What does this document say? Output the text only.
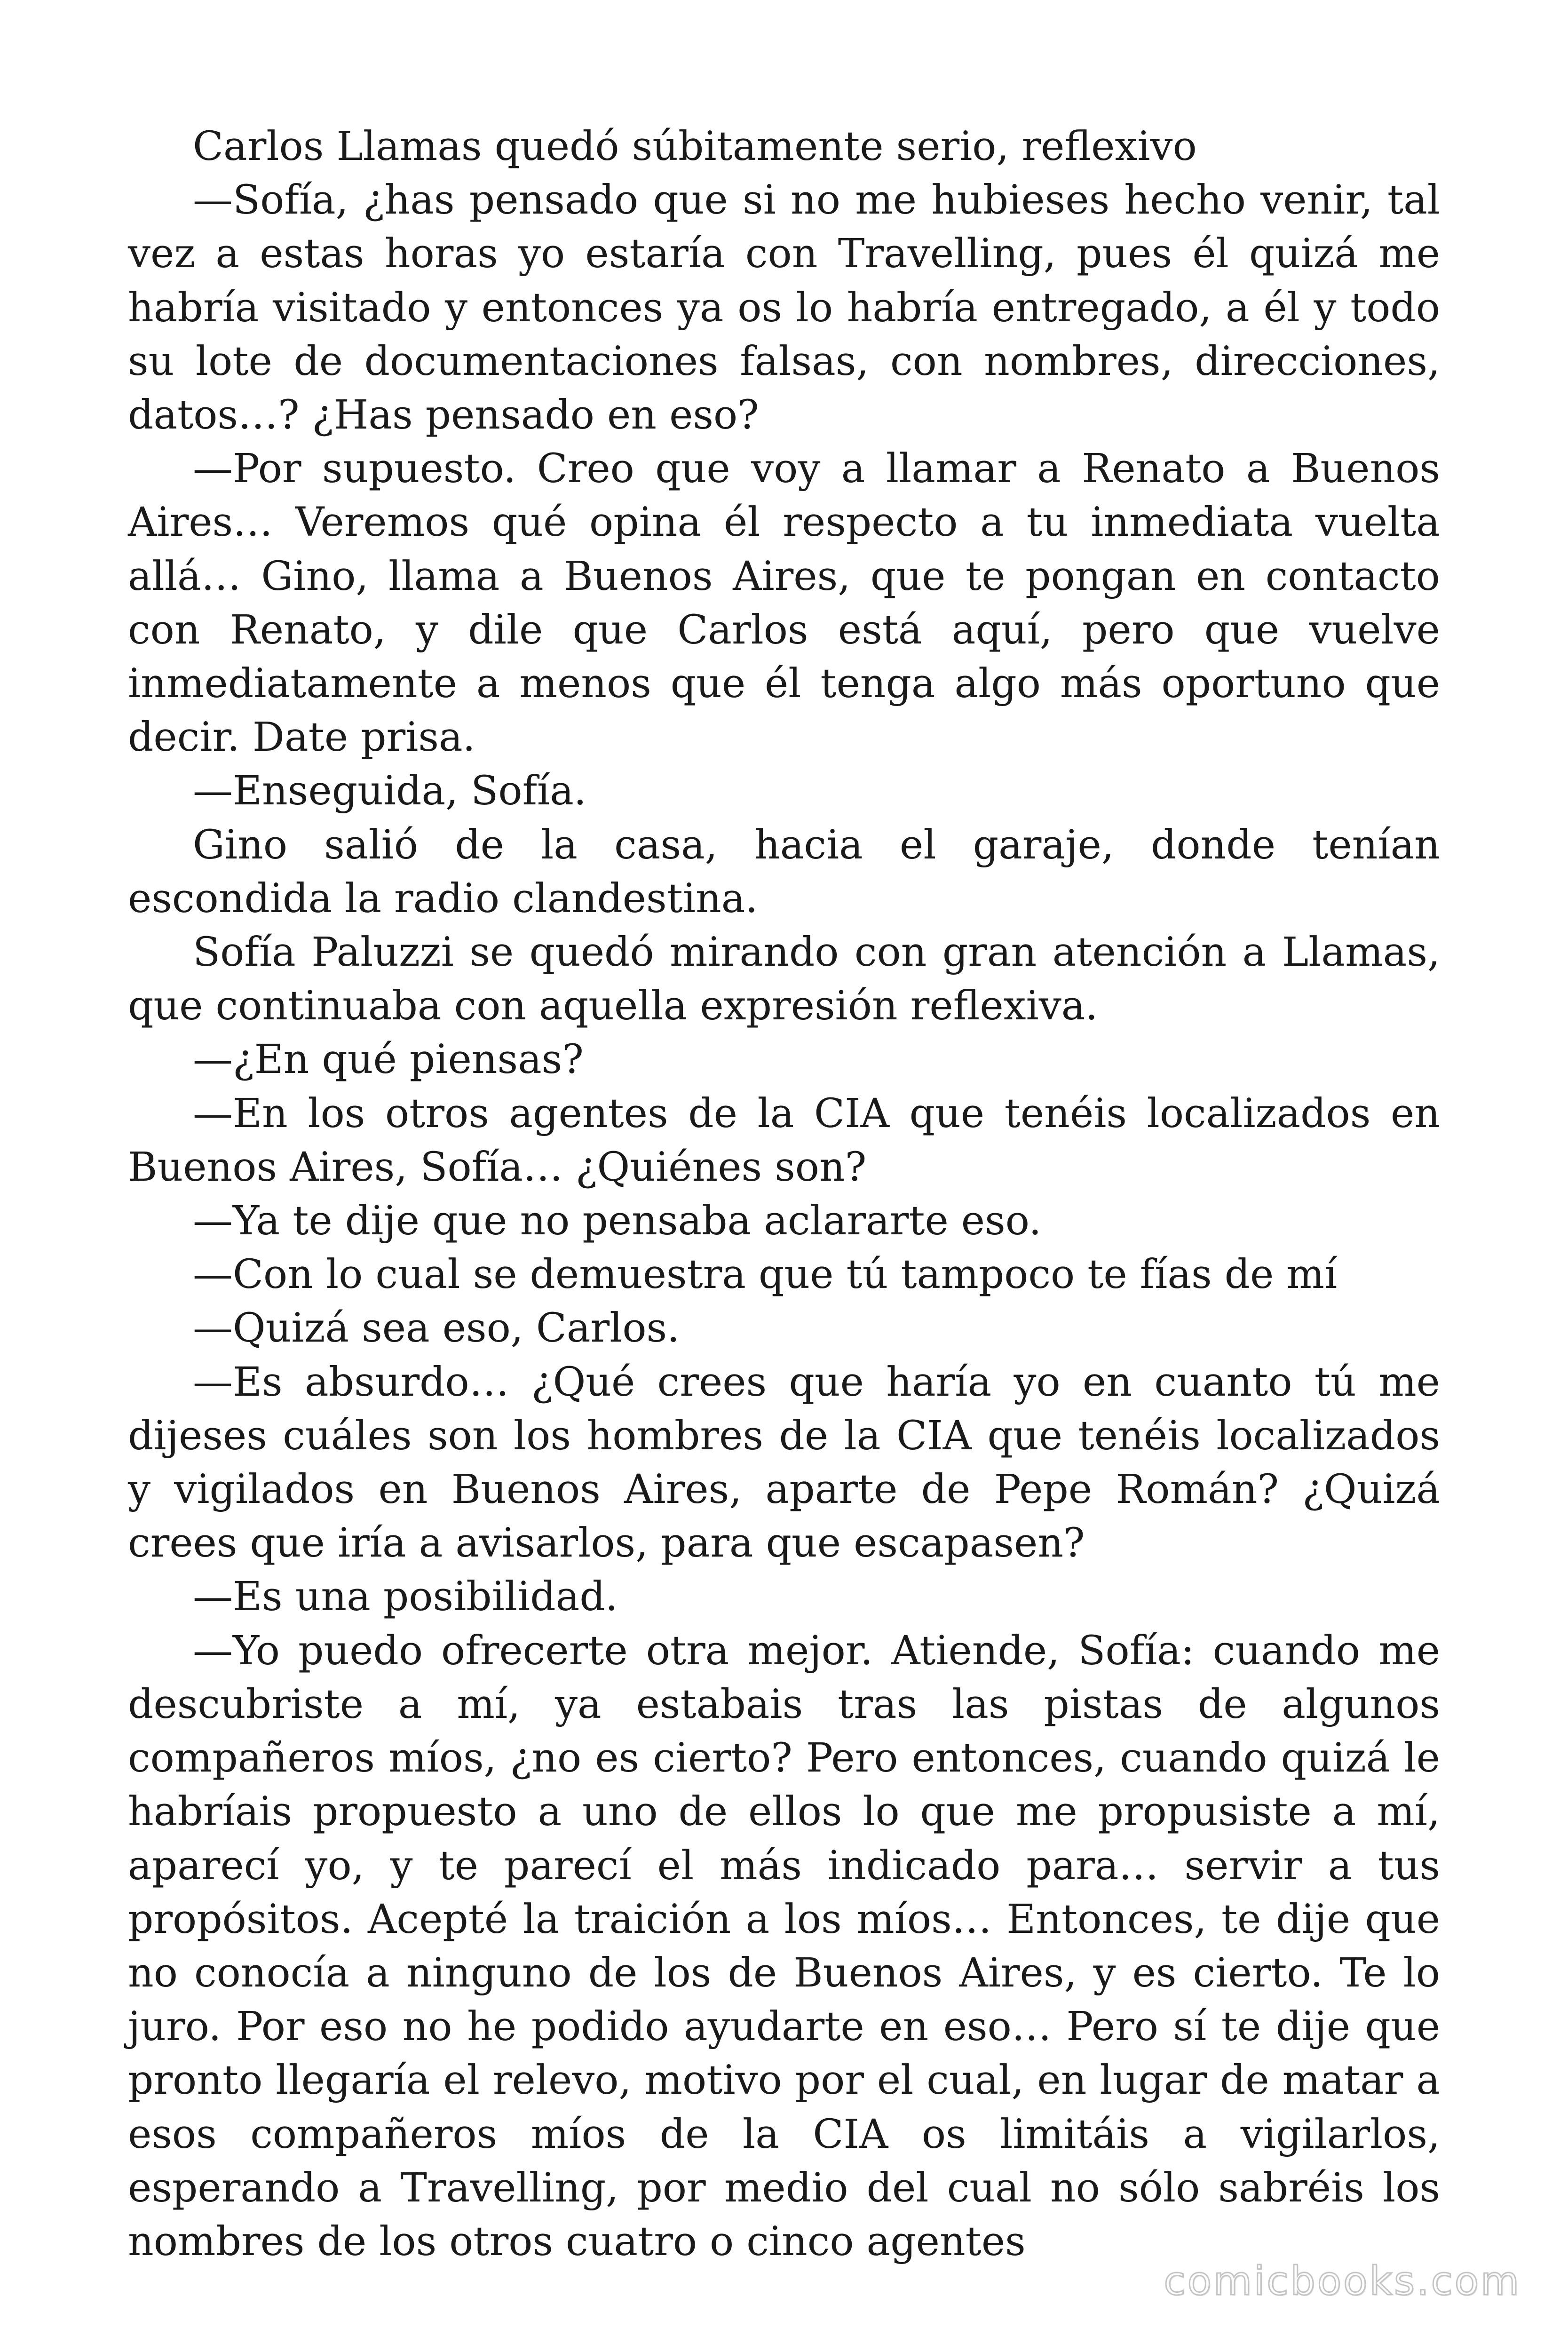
Carlos Llamas quedó súbitamente serio, reflexivo

—Sofía, ¿has pensado que si no me hubieses hecho venir, tal vez a estas horas yo estaría con Travelling, pues él quizá me habría visitado y entonces ya os lo habría entregado, a él y todo su lote de documentaciones falsas, con nombres, direcciones, datos…? ¿Has pensado en eso?

—Por supuesto. Creo que voy a llamar a Renato a Buenos Aires… Veremos qué opina él respecto a tu inmediata vuelta allá… Gino, llama a Buenos Aires, que te pongan en contacto con Renato, y dile que Carlos está aquí, pero que vuelve inmediatamente a menos que él tenga algo más oportuno que decir. Date prisa.

—Enseguida, Sofía.

Gino salió de la casa, hacia el garaje, donde tenían escondida la radio clandestina.

Sofía Paluzzi se quedó mirando con gran atención a Llamas, que continuaba con aquella expresión reflexiva.

—¿En qué piensas?

—En los otros agentes de la CIA que tenéis localizados en Buenos Aires, Sofía… ¿Quiénes son?

—Ya te dije que no pensaba aclararte eso.

—Con lo cual se demuestra que tú tampoco te fías de mí

—Quizá sea eso, Carlos.

—Es absurdo… ¿Qué crees que haría yo en cuanto tú me dijeses cuáles son los hombres de la CIA que tenéis localizados y vigilados en Buenos Aires, aparte de Pepe Román? ¿Quizá crees que iría a avisarlos, para que escapasen?

—Es una posibilidad.

—Yo puedo ofrecerte otra mejor. Atiende, Sofía: cuando me descubriste a mí, ya estabais tras las pistas de algunos compañeros míos, ¿no es cierto? Pero entonces, cuando quizá le habríais propuesto a uno de ellos lo que me propusiste a mí, aparecí yo, y te parecí el más indicado para… servir a tus propósitos. Acepté la traición a los míos… Entonces, te dije que no conocía a ninguno de los de Buenos Aires, y es cierto. Te lo juro. Por eso no he podido ayudarte en eso… Pero sí te dije que pronto llegaría el relevo, motivo por el cual, en lugar de matar a esos compañeros míos de la CIA os limitáis a vigilarlos, esperando a Travelling, por medio del cual no sólo sabréis los nombres de los otros cuatro o cinco agentes

comicbooks.com
